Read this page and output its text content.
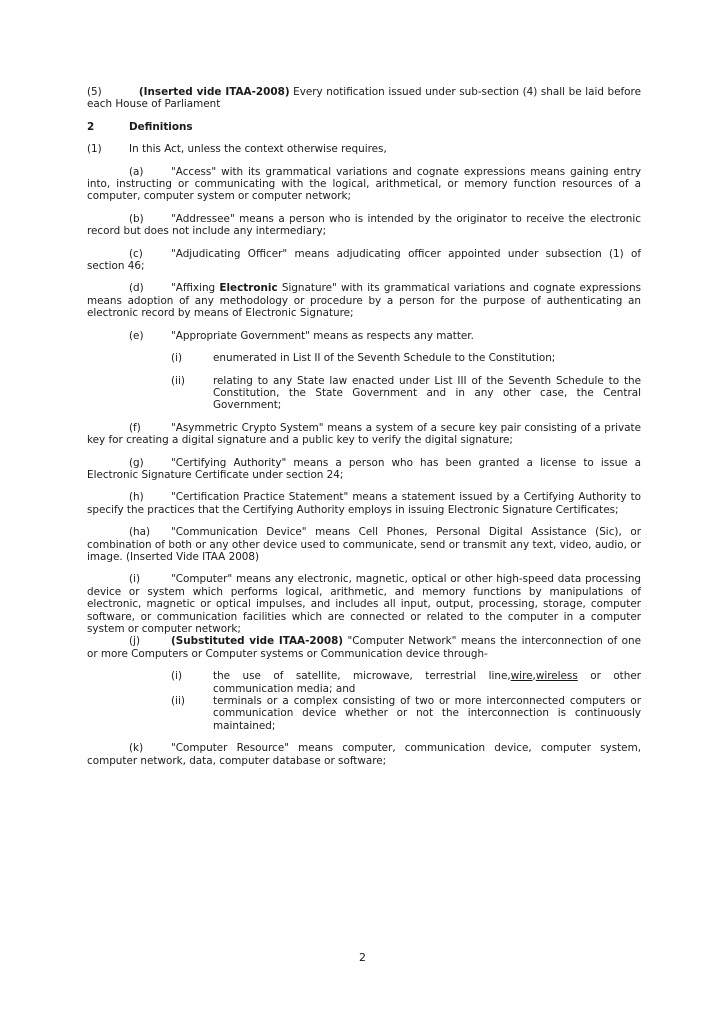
(5)	(Inserted vide ITAA-2008) Every notification issued under sub-section (4) shall be laid before each House of Parliament

2	Definitions
(1)	In this Act, unless the context otherwise requires,

(a)	"Access" with its grammatical variations and cognate expressions means gaining entry into, instructing or communicating with the logical, arithmetical, or memory function resources of a computer, computer system or computer network;

(b)	"Addressee" means a person who is intended by the originator to receive the electronic record but does not include any intermediary;

(c)	"Adjudicating Officer" means adjudicating officer appointed under subsection (1) of section 46;

(d)	"Affixing Electronic Signature" with its grammatical variations and cognate expressions means adoption of any methodology or procedure by a person for the purpose of authenticating an electronic record by means of Electronic Signature;

(e)	"Appropriate Government" means as respects any matter.

(i)	enumerated in List II of the Seventh Schedule to the Constitution;
(ii)	relating to any State law enacted under List III of the Seventh Schedule to the Constitution, the State Government and in any other case, the Central Government;

(f)	"Asymmetric Crypto System" means a system of a secure key pair consisting of a private key for creating a digital signature and a public key to verify the digital signature;

(g)	"Certifying Authority" means a person who has been granted a license to issue a Electronic Signature Certificate under section 24;

(h)	"Certification Practice Statement" means a statement issued by a Certifying Authority to specify the practices that the Certifying Authority employs in issuing Electronic Signature Certificates;

(ha) "Communication Device" means Cell Phones, Personal Digital Assistance (Sic), or combination of both or any other device used to communicate, send or transmit any text, video, audio, or image. (Inserted Vide ITAA 2008)

(i)	"Computer" means any electronic, magnetic, optical or other high-speed data processing device or system which performs logical, arithmetic, and memory functions by manipulations of electronic, magnetic or optical impulses, and includes all input, output, processing, storage, computer software, or communication facilities which are connected or related to the computer in a computer system or computer network;

(j)	(Substituted vide ITAA-2008) "Computer Network" means the interconnection of one or more Computers or Computer systems or Communication device through-

(i)	the use of satellite, microwave, terrestrial line,wire,wireless or other communication media; and
(ii)	terminals or a complex consisting of two or more interconnected computers or communication device whether or not the interconnection is continuously maintained;

(k)	"Computer Resource" means computer, communication device, computer system, computer network, data, computer database or software;

2
